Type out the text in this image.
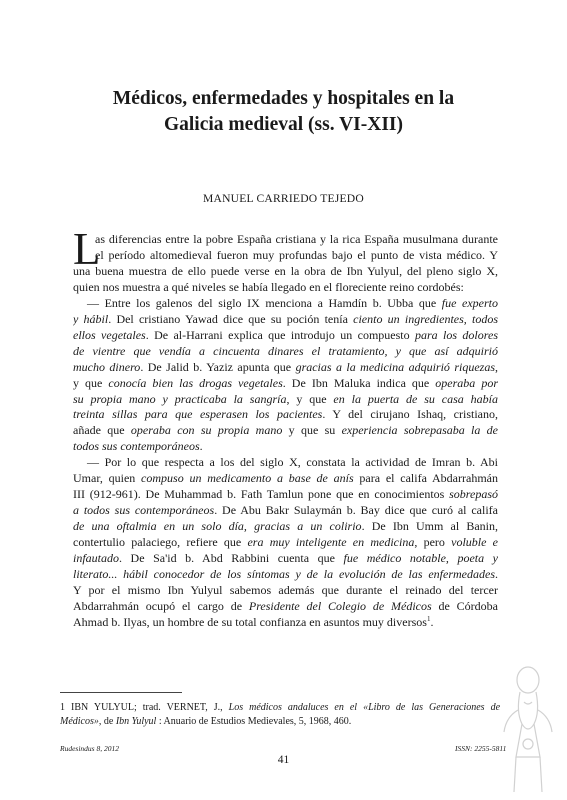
Médicos, enfermedades y hospitales en la
Galicia medieval (ss. VI-XII)
MANUEL CARRIEDO TEJEDO
L
as diferencias entre la pobre España cristiana y la rica España musulmana durante
el período altomedieval fueron muy profundas bajo el punto de vista médico. Y
una buena muestra de ello puede verse en la obra de Ibn Yulyul, del pleno siglo X,
quien nos muestra a qué niveles se había llegado en el floreciente reino cordobés:
— Entre los galenos del siglo IX menciona a Hamdín b. Ubba que fue experto
y hábil. Del cristiano Yawad dice que su poción tenía ciento un ingredientes, todos
ellos vegetales. De al-Harrani explica que introdujo un compuesto para los dolores
de vientre que vendía a cincuenta dinares el tratamiento, y que así adquirió
mucho dinero. De Jalid b. Yaziz apunta que gracias a la medicina adquirió riquezas,
y que conocía bien las drogas vegetales. De Ibn Maluka indica que operaba por
su propia mano y practicaba la sangría, y que en la puerta de su casa había
treinta sillas para que esperasen los pacientes. Y del cirujano Ishaq, cristiano,
añade que operaba con su propia mano y que su experiencia sobrepasaba la de
todos sus contemporáneos.
— Por lo que respecta a los del siglo X, constata la actividad de Imran b. Abi
Umar, quien compuso un medicamento a base de anís para el califa Abdarrahmán
III (912-961). De Muhammad b. Fath Tamlun pone que en conocimientos sobrepasó
a todos sus contemporáneos. De Abu Bakr Sulaymán b. Bay dice que curó al califa
de una oftalmia en un solo día, gracias a un colirio. De Ibn Umm al Banin,
contertulio palaciego, refiere que era muy inteligente en medicina, pero voluble e
infautado. De Sa'id b. Abd Rabbini cuenta que fue médico notable, poeta y
literato... hábil conocedor de los síntomas y de la evolución de las enfermedades.
Y por el mismo Ibn Yulyul sabemos además que durante el reinado del tercer
Abdarrahmán ocupó el cargo de Presidente del Colegio de Médicos de Córdoba
Ahmad b. Ilyas, un hombre de su total confianza en asuntos muy diversos$^1$.
1 IBN YULYUL; trad. VERNET, J., Los médicos andaluces en el «Libro de las Generaciones de
Médicos», de Ibn Yulyul : Anuario de Estudios Medievales, 5, 1968, 460.
Rudesindus 8, 2012	ISSN: 2255-5811
41
